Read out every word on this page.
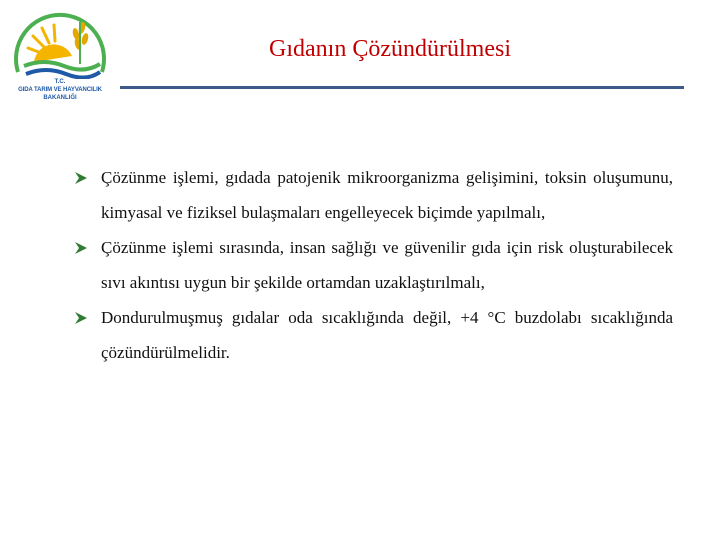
T.C.
GIDA TARIM VE HAYVANCILIK
BAKANLIĞI
Gıdanın Çözündürülmesi
Çözünme işlemi, gıdada patojenik mikroorganizma gelişimini, toksin oluşumunu, kimyasal ve fiziksel bulaşmaları engelleyecek biçimde yapılmalı,
Çözünme işlemi sırasında, insan sağlığı ve güvenilir gıda için risk oluşturabilecek sıvı akıntısı uygun bir şekilde ortamdan uzaklaştırılmalı,
Dondurulmuşmuş gıdalar oda sıcaklığında değil, +4 °C buzdolabı sıcaklığında çözündürülmelidir.
